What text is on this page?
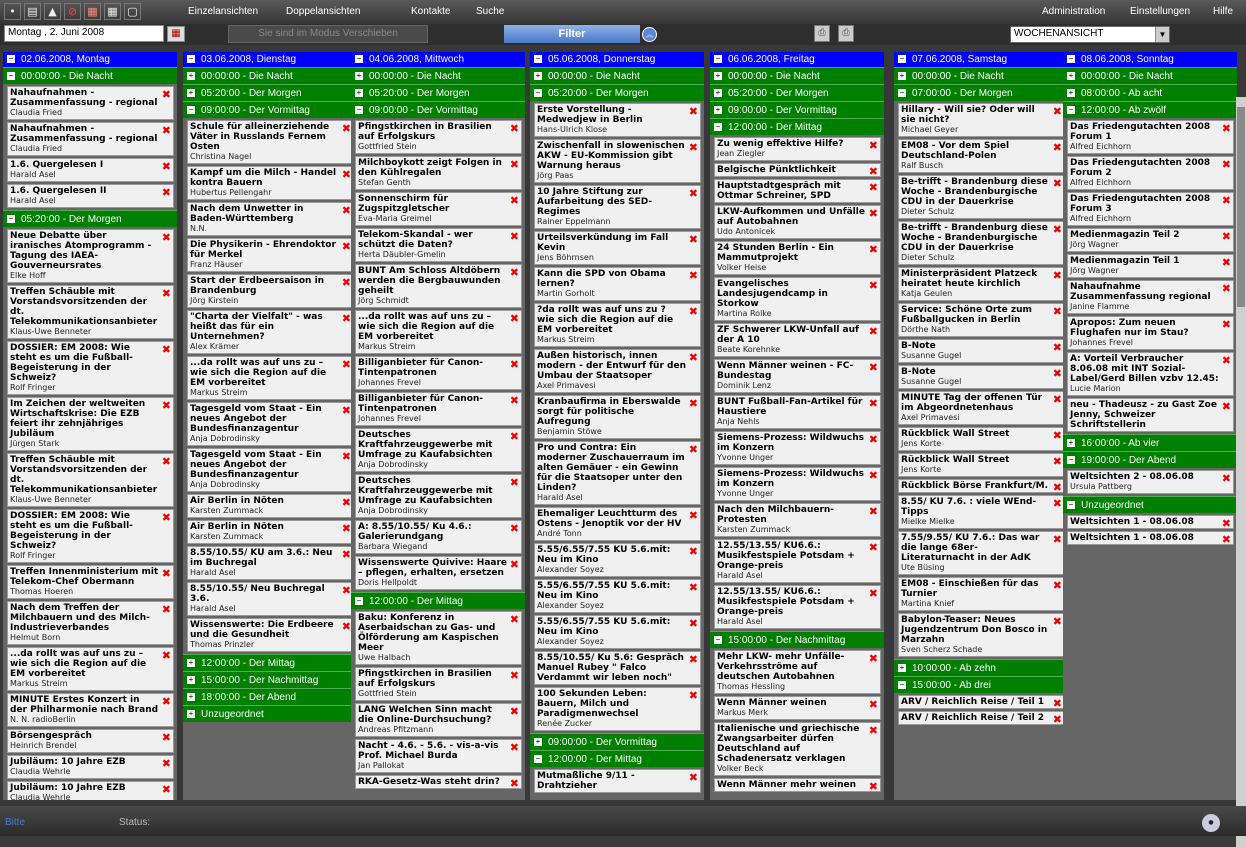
•	▤ ▲	⊘ ▦ ▦ ▢	Einzelansichten	Doppelansichten	Kontakte	Suche	Administration Einstellungen Hilfe
Montag , 2. Juni 2008	▦	Sie sind im Modus Verschieben	Filter	︽	⎙	⎙	WOCHENANSICHT	▼
− 02.06.2008, Montag
− 00:00:00 - Die Nacht
Nahaufnahmen - Zusammenfassung - regional
Claudia Fried
✖
Nahaufnahmen - Zusammenfassung - regional
Claudia Fried
✖
1.6. Quergelesen I
Harald Asel
✖
1.6. Quergelesen II
Harald Asel
✖
− 05:20:00 - Der Morgen
Neue Debatte über iranisches Atomprogramm - Tagung des IAEA-Gouverneursrates
Elke Hoff
✖
Treffen Schäuble mit Vorstandsvorsitzenden der dt. Telekommunikationsanbieter
Klaus-Uwe Benneter
✖
DOSSIER: EM 2008: Wie steht es um die Fußball-Begeisterung in der Schweiz?
Rolf Fringer
✖
Im Zeichen der weltweiten Wirtschaftskrise: Die EZB feiert ihr zehnjähriges Jubiläum
Jürgen Stark
✖
Treffen Schäuble mit Vorstandsvorsitzenden der dt. Telekommunikationsanbieter
Klaus-Uwe Benneter
✖
DOSSIER: EM 2008: Wie steht es um die Fußball-Begeisterung in der Schweiz?
Rolf Fringer
✖
Treffen Innenministerium mit Telekom-Chef Obermann
Thomas Hoeren
✖
Nach dem Treffen der Milchbauern und des Milch-Industrieverbandes
Helmut Born
✖
...da rollt was auf uns zu – wie sich die Region auf die EM vorbereitet
Markus Streim
✖
MINUTE Erstes Konzert in der Philharmonie nach Brand
N. N. radioBerlin
✖
Börsengespräch
Heinrich Brendel
✖
Jubiläum: 10 Jahre EZB
Claudia Wehrle
✖
Jubiläum: 10 Jahre EZB
Claudia Wehrle
✖
− 03.06.2008, Dienstag
+ 00:00:00 - Die Nacht
+ 05:20:00 - Der Morgen
− 09:00:00 - Der Vormittag
Schule für alleinerziehende Väter in Russlands Fernem Osten
Christina Nagel
✖
Kampf um die Milch - Handel kontra Bauern
Hubertus Pellengahr
✖
Nach dem Unwetter in Baden-Württemberg
N.N.
✖
Die Physikerin - Ehrendoktor für Merkel
Franz Häuser
✖
Start der Erdbeersaison in Brandenburg
Jörg Kirstein
✖
"Charta der Vielfalt" - was heißt das für ein Unternehmen?
Alex Krämer
✖
...da rollt was auf uns zu – wie sich die Region auf die EM vorbereitet
Markus Streim
✖
Tagesgeld vom Staat - Ein neues Angebot der Bundesfinanzagentur
Anja Dobrodinsky
✖
Tagesgeld vom Staat - Ein neues Angebot der Bundesfinanzagentur
Anja Dobrodinsky
✖
Air Berlin in Nöten
Karsten Zummack
✖
Air Berlin in Nöten
Karsten Zummack
✖
8.55/10.55/ KU am 3.6.: Neu im Buchregal
Harald Asel
✖
8.55/10.55/ Neu Buchregal 3.6.
Harald Asel
✖
Wissenswerte: Die Erdbeere und die Gesundheit
Thomas Prinzler
✖
+ 12:00:00 - Der Mittag
+ 15:00:00 - Der Nachmittag
+ 18:00:00 - Der Abend
+ Unzugeordnet
− 04.06.2008, Mittwoch
+ 00:00:00 - Die Nacht
+ 05:20:00 - Der Morgen
− 09:00:00 - Der Vormittag
Pfingstkirchen in Brasilien auf Erfolgskurs
Gottfried Stein
✖
Milchboykott zeigt Folgen in den Kühlregalen
Stefan Genth
✖
Sonnenschirm für Zugspitzgletscher
Eva-Maria Greimel
✖
Telekom-Skandal - wer schützt die Daten?
Herta Däubler-Gmelin
✖
BUNT Am Schloss Altdöbern werden die Bergbauwunden geheilt
Jörg Schmidt
✖
...da rollt was auf uns zu – wie sich die Region auf die EM vorbereitet
Markus Streim
✖
Billiganbieter für Canon-Tintenpatronen
Johannes Frevel
✖
Billiganbieter für Canon-Tintenpatronen
Johannes Frevel
✖
Deutsches Kraftfahrzeuggewerbe mit Umfrage zu Kaufabsichten
Anja Dobrodinsky
✖
Deutsches Kraftfahrzeuggewerbe mit Umfrage zu Kaufabsichten
Anja Dobrodinsky
✖
A: 8.55/10.55/ Ku 4.6.: Galerierundgang
Barbara Wiegand
✖
Wissenswerte Quivive: Haare – pflegen, erhalten, ersetzen
Doris Hellpoldt
✖
− 12:00:00 - Der Mittag
Baku: Konferenz in Aserbaidschan zu Gas- und Ölförderung am Kaspischen Meer
Uwe Halbach
✖
Pfingstkirchen in Brasilien auf Erfolgskurs
Gottfried Stein
✖
LANG Welchen Sinn macht die Online-Durchsuchung?
Andreas Pfitzmann
✖
Nacht - 4.6. - 5.6. - vis-a-vis Prof. Michael Burda
Jan Pallokat
✖
RKA-Gesetz-Was steht drin? ✖
− 05.06.2008, Donnerstag
+ 00:00:00 - Die Nacht
− 05:20:00 - Der Morgen
Erste Vorstellung - Medwedjew in Berlin
Hans-Ulrich Klose
✖
Zwischenfall in slowenischen AKW - EU-Kommission gibt Warnung heraus
Jörg Paas
✖
10 Jahre Stiftung zur Aufarbeitung des SED-Regimes
Rainer Eppelmann
✖
Urteilsverkündung im Fall Kevin
Jens Böhrnsen
✖
Kann die SPD von Obama lernen?
Martin Gorholt
✖
?da rollt was auf uns zu ? wie sich die Region auf die EM vorbereitet
Markus Streim
✖
Außen historisch, innen modern - der Entwurf für den Umbau der Staatsoper
Axel Primavesi
✖
Kranbaufirma in Eberswalde sorgt für politische Aufregung
Benjamin Stöwe
✖
Pro und Contra: Ein moderner Zuschauerraum im alten Gemäuer - ein Gewinn für die Staatsoper unter den Linden?
Harald Asel
✖
Ehemaliger Leuchtturm des Ostens - Jenoptik vor der HV
André Tonn
✖
5.55/6.55/7.55 KU 5.6.mit: Neu im Kino
Alexander Soyez
✖
5.55/6.55/7.55 KU 5.6.mit: Neu im Kino
Alexander Soyez
✖
5.55/6.55/7.55 KU 5.6.mit: Neu im Kino
Alexander Soyez
✖
8.55/10.55/ Ku 5.6: Gespräch Manuel Rubey " Falco Verdammt wir leben noch"
✖
100 Sekunden Leben: Bauern, Milch und Paradigmenwechsel
Renée Zucker
✖
+ 09:00:00 - Der Vormittag
− 12:00:00 - Der Mittag
Mutmaßliche 9/11 - Drahtzieher
✖
− 06.06.2008, Freitag
+ 00:00:00 - Die Nacht
+ 05:20:00 - Der Morgen
+ 09:00:00 - Der Vormittag
− 12:00:00 - Der Mittag
Zu wenig effektive Hilfe?
Jean Ziegler
✖
Belgische Pünktlichkeit	✖
Hauptstadtgespräch mit Ottmar Schreiner, SPD
✖
LKW-Aufkommen und Unfälle auf Autobahnen
Udo Antonicek
✖
24 Stunden Berlin - Ein Mammutprojekt
Volker Heise
✖
Evangelisches Landesjugendcamp in Storkow
Martina Rolke
✖
ZF Schwerer LKW-Unfall auf der A 10
Beate Korehnke
✖
Wenn Männer weinen - FC-Bundestag
Dominik Lenz
✖
BUNT Fußball-Fan-Artikel für Haustiere
Anja Nehls
✖
Siemens-Prozess: Wildwuchs im Konzern
Yvonne Unger
✖
Siemens-Prozess: Wildwuchs im Konzern
Yvonne Unger
✖
Nach den Milchbauern-Protesten
Karsten Zummack
✖
12.55/13.55/ KU6.6.: Musikfestspiele Potsdam + Orange-preis
Harald Asel
✖
12.55/13.55/ KU6.6.: Musikfestspiele Potsdam + Orange-preis
Harald Asel
✖
− 15:00:00 - Der Nachmittag
Mehr LKW- mehr Unfälle-Verkehrsströme auf deutschen Autobahnen
Thomas Hessling
✖
Wenn Männer weinen
Markus Merk
✖
Italienische und griechische Zwangsarbeiter dürfen Deutschland auf Schadenersatz verklagen
Volker Beck
✖
Wenn Männer mehr weinen	✖
− 07.06.2008, Samstag
+ 00:00:00 - Die Nacht
− 07:00:00 - Der Morgen
Hillary - Will sie? Oder will sie nicht?
Michael Geyer
✖
EM08 - Vor dem Spiel Deutschland-Polen
Ralf Busch
✖
Be-trifft - Brandenburg diese Woche - Brandenburgische CDU in der Dauerkrise
Dieter Schulz
✖
Be-trifft - Brandenburg diese Woche - Brandenburgische CDU in der Dauerkrise
Dieter Schulz
✖
Ministerpräsident Platzeck heiratet heute kirchlich
Katja Geulen
✖
Service: Schöne Orte zum Fußballgucken in Berlin
Dörthe Nath
✖
B-Note
Susanne Gugel
✖
B-Note
Susanne Gugel
✖
MINUTE Tag der offenen Tür im Abgeordnetenhaus
Axel Primavesi
✖
Rückblick Wall Street
Jens Korte
✖
Rückblick Wall Street
Jens Korte
✖
Rückblick Börse Frankfurt/M. ✖
8.55/ KU 7.6. : viele WEnd-Tipps
Mielke Mielke
✖
7.55/9.55/ KU 7.6.: Das war die lange 68er-Literaturnacht in der AdK
Ute Büsing
✖
EM08 - Einschießen für das Turnier
Martina Knief
✖
Babylon-Teaser: Neues Jugendzentrum Don Bosco in Marzahn
Sven Scherz Schade
✖
+ 10:00:00 - Ab zehn
− 15:00:00 - Ab drei
ARV / Reichlich Reise / Teil 1 ✖
ARV / Reichlich Reise / Teil 2 ✖
− 08.06.2008, Sonntag
+ 00:00:00 - Die Nacht
+ 08:00:00 - Ab acht
− 12:00:00 - Ab zwölf
Das Friedengutachten 2008 Forum 1
Alfred Eichhorn
✖
Das Friedengutachten 2008 Forum 2
Alfred Eichhorn
✖
Das Friedengutachten 2008 Forum 3
Alfred Eichhorn
✖
Medienmagazin Teil 2
Jörg Wagner
✖
Medienmagazin Teil 1
Jörg Wagner
✖
Nahaufnahme Zusammenfassung regional
Janine Flamme
✖
Apropos: Zum neuen Flughafen nur im Stau?
Johannes Frevel
✖
A: Vorteil Verbraucher 8.06.08 mit INT Sozial-Label/Gerd Billen vzbv 12.45:
Lucie Marion
✖
neu - Thadeusz - zu Gast Zoe Jenny, Schweizer Schriftstellerin
✖
+ 16:00:00 - Ab vier
− 19:00:00 - Der Abend
Weltsichten 2 - 08.06.08
Ursula Pattberg
✖
− Unzugeordnet
Weltsichten 1 - 08.06.08	✖
Weltsichten 1 - 08.06.08	✖
Bitte	Status:	●
